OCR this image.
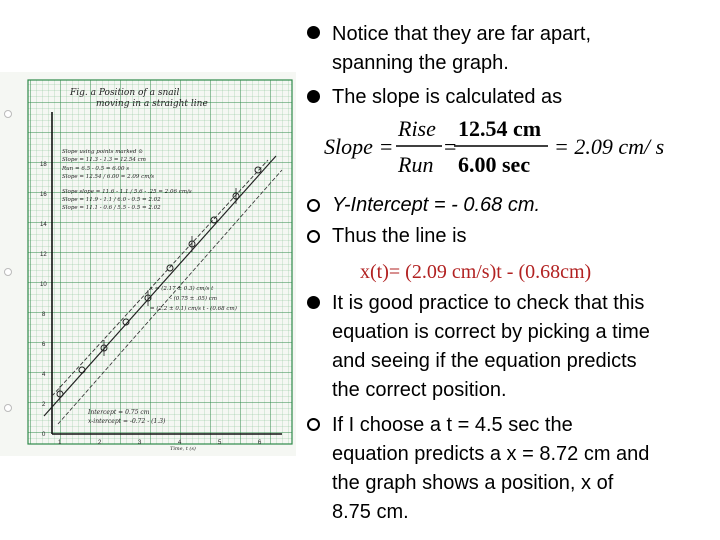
0
2
4
6
8
10
12
14
16
18
1	2	3	4	5	6
Fig. a Position of a snail
moving in a straight line
Slope using points marked ⊙
Slope = 11.3 - 1.3 = 12.54 cm
Run = 6.5 - 0.5 = 6.00 s
Slope = 12.54 / 6.00 = 2.09 cm/s
Slope slope = 11.6 - 1.1 / 5.6 - .25 = 2.06 cm/s
Slope = 11.9 - 1.1 / 6.0 - 0.5 = 2.02
Slope = 11.1 - 0.6 / 5.5 - 0.5 = 2.02
x = (2.17 ± 0.3) cm/s t
- (0.75 ± .05) cm
= (2.2 ± 0.1) cm/s t - (0.68 cm)
Intercept = 0.75 cm
x-intercept = -0.72 - (1.3)
Time, t (s)
Notice that they are far apart,
spanning the graph.
The slope is calculated as
Slope =
Rise
Run
=
12.54 cm
6.00 sec
= 2.09 cm/ s
Y-Intercept = - 0.68 cm.
Thus the line is
x(t)= (2.09 cm/s)t - (0.68cm)
It is good practice to check that this
equation is correct by picking a time
and seeing if the equation predicts
the correct position.
If I choose a t = 4.5 sec the
equation predicts a x = 8.72 cm and
the graph shows a position, x of
8.75 cm.
